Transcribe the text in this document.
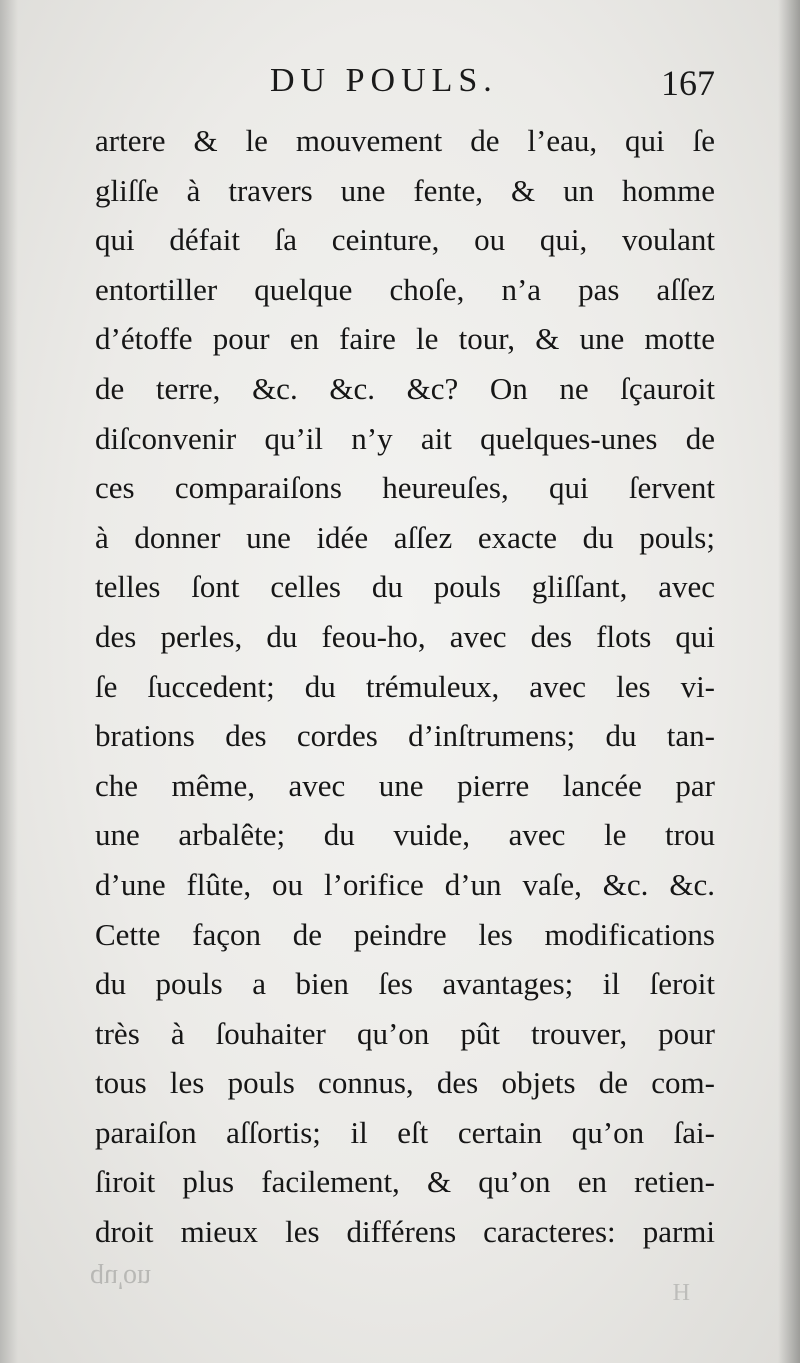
DU POULS.	167
artere & le mouvement de l’eau, qui ſe
gliſſe à travers une fente, & un homme
qui défait ſa ceinture, ou qui, voulant
entortiller quelque choſe, n’a pas aſſez
d’étoffe pour en faire le tour, & une motte
de terre, &c. &c. &c? On ne ſçauroit
diſconvenir qu’il n’y ait quelques-unes de
ces comparaiſons heureuſes, qui ſervent
à donner une idée aſſez exacte du pouls;
telles ſont celles du pouls gliſſant, avec
des perles, du feou-ho, avec des flots qui
ſe ſuccedent; du trémuleux, avec les vi-
brations des cordes d’inſtrumens; du tan-
che même, avec une pierre lancée par
une arbalête; du vuide, avec le trou
d’une flûte, ou l’orifice d’un vaſe, &c. &c.
Cette façon de peindre les modifications
du pouls a bien ſes avantages; il ſeroit
très à ſouhaiter qu’on pût trouver, pour
tous les pouls connus, des objets de com-
paraiſon aſſortis; il eſt certain qu’on ſai-
ſiroit plus facilement, & qu’on en retien-
droit mieux les différens caracteres: parmi
qu'on	H
